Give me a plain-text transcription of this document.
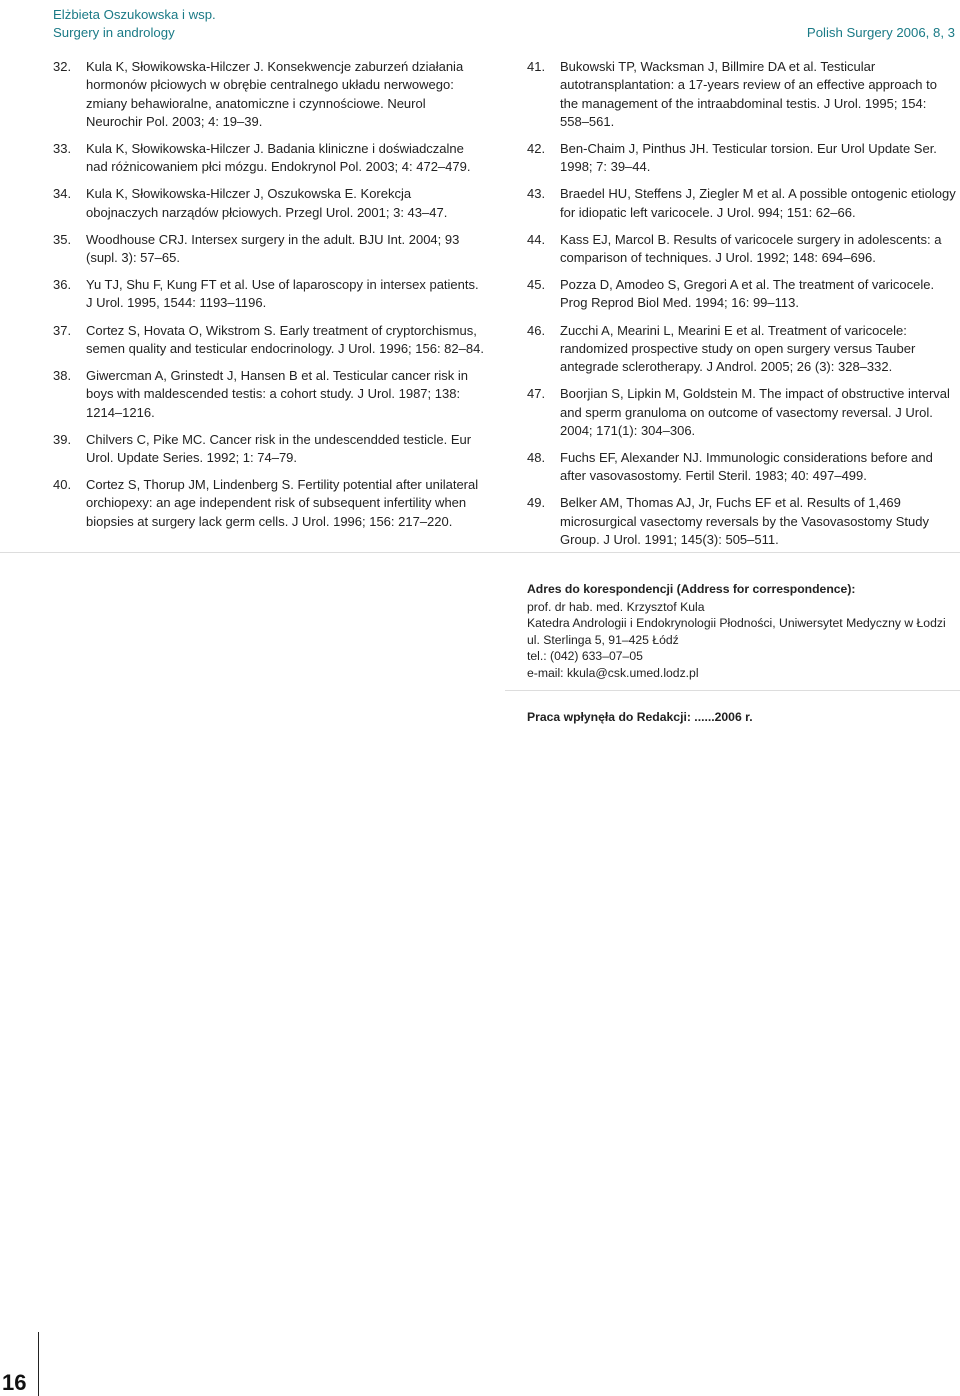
Elżbieta Oszukowska i wsp.
Surgery in andrology	Polish Surgery 2006, 8, 3
32.	Kula K, Słowikowska-Hilczer J. Konsekwencje zaburzeń działania hormonów płciowych w obrębie centralnego układu nerwowego: zmiany behawioralne, anatomiczne i czynnościowe. Neurol Neurochir Pol. 2003; 4: 19–39.
33.	Kula K, Słowikowska-Hilczer J. Badania kliniczne i doświadczalne nad różnicowaniem płci mózgu. Endokrynol Pol. 2003; 4: 472–479.
34.	Kula K, Słowikowska-Hilczer J, Oszukowska E. Korekcja obojnaczych narządów płciowych. Przegl Urol. 2001; 3: 43–47.
35.	Woodhouse CRJ. Intersex surgery in the adult. BJU Int. 2004; 93 (supl. 3): 57–65.
36.	Yu TJ, Shu F, Kung FT et al. Use of laparoscopy in intersex patients. J Urol. 1995, 1544: 1193–1196.
37.	Cortez S, Hovata O, Wikstrom S. Early treatment of cryptorchismus, semen quality and testicular endocrinology. J Urol. 1996; 156: 82–84.
38.	Giwercman A, Grinstedt J, Hansen B et al. Testicular cancer risk in boys with maldescended testis: a cohort study. J Urol. 1987; 138: 1214–1216.
39.	Chilvers C, Pike MC. Cancer risk in the undescendded testicle. Eur Urol. Update Series. 1992; 1: 74–79.
40.	Cortez S, Thorup JM, Lindenberg S. Fertility potential after unilateral orchiopexy: an age independent risk of subsequent infertility when biopsies at surgery lack germ cells. J Urol. 1996; 156: 217–220.
41.	Bukowski TP, Wacksman J, Billmire DA et al. Testicular autotransplantation: a 17-years review of an effective approach to the management of the intraabdominal testis. J Urol. 1995; 154: 558–561.
42.	Ben-Chaim J, Pinthus JH. Testicular torsion. Eur Urol Update Ser. 1998; 7: 39–44.
43.	Braedel HU, Steffens J, Ziegler M et al. A possible ontogenic etiology for idiopatic left varicocele. J Urol. 994; 151: 62–66.
44.	Kass EJ, Marcol B. Results of varicocele surgery in adolescents: a comparison of techniques. J Urol. 1992; 148: 694–696.
45.	Pozza D, Amodeo S, Gregori A et al. The treatment of varicocele. Prog Reprod Biol Med. 1994; 16: 99–113.
46.	Zucchi A, Mearini L, Mearini E et al. Treatment of varicocele: randomized prospective study on open surgery versus Tauber antegrade sclerotherapy. J Androl. 2005; 26 (3): 328–332.
47.	Boorjian S, Lipkin M, Goldstein M. The impact of obstructive interval and sperm granuloma on outcome of vasectomy reversal. J Urol. 2004; 171(1): 304–306.
48.	Fuchs EF, Alexander NJ. Immunologic considerations before and after vasovasostomy. Fertil Steril. 1983; 40: 497–499.
49.	Belker AM, Thomas AJ, Jr, Fuchs EF et al. Results of 1,469 microsurgical vasectomy reversals by the Vasovasostomy Study Group. J Urol. 1991; 145(3): 505–511.
Adres do korespondencji (Address for correspondence):
prof. dr hab. med. Krzysztof Kula
Katedra Andrologii i Endokrynologii Płodności, Uniwersytet Medyczny w Łodzi
ul. Sterlinga 5, 91–425 Łódź
tel.: (042) 633–07–05
e-mail: kkula@csk.umed.lodz.pl
Praca wpłynęła do Redakcji: ......2006 r.
16
